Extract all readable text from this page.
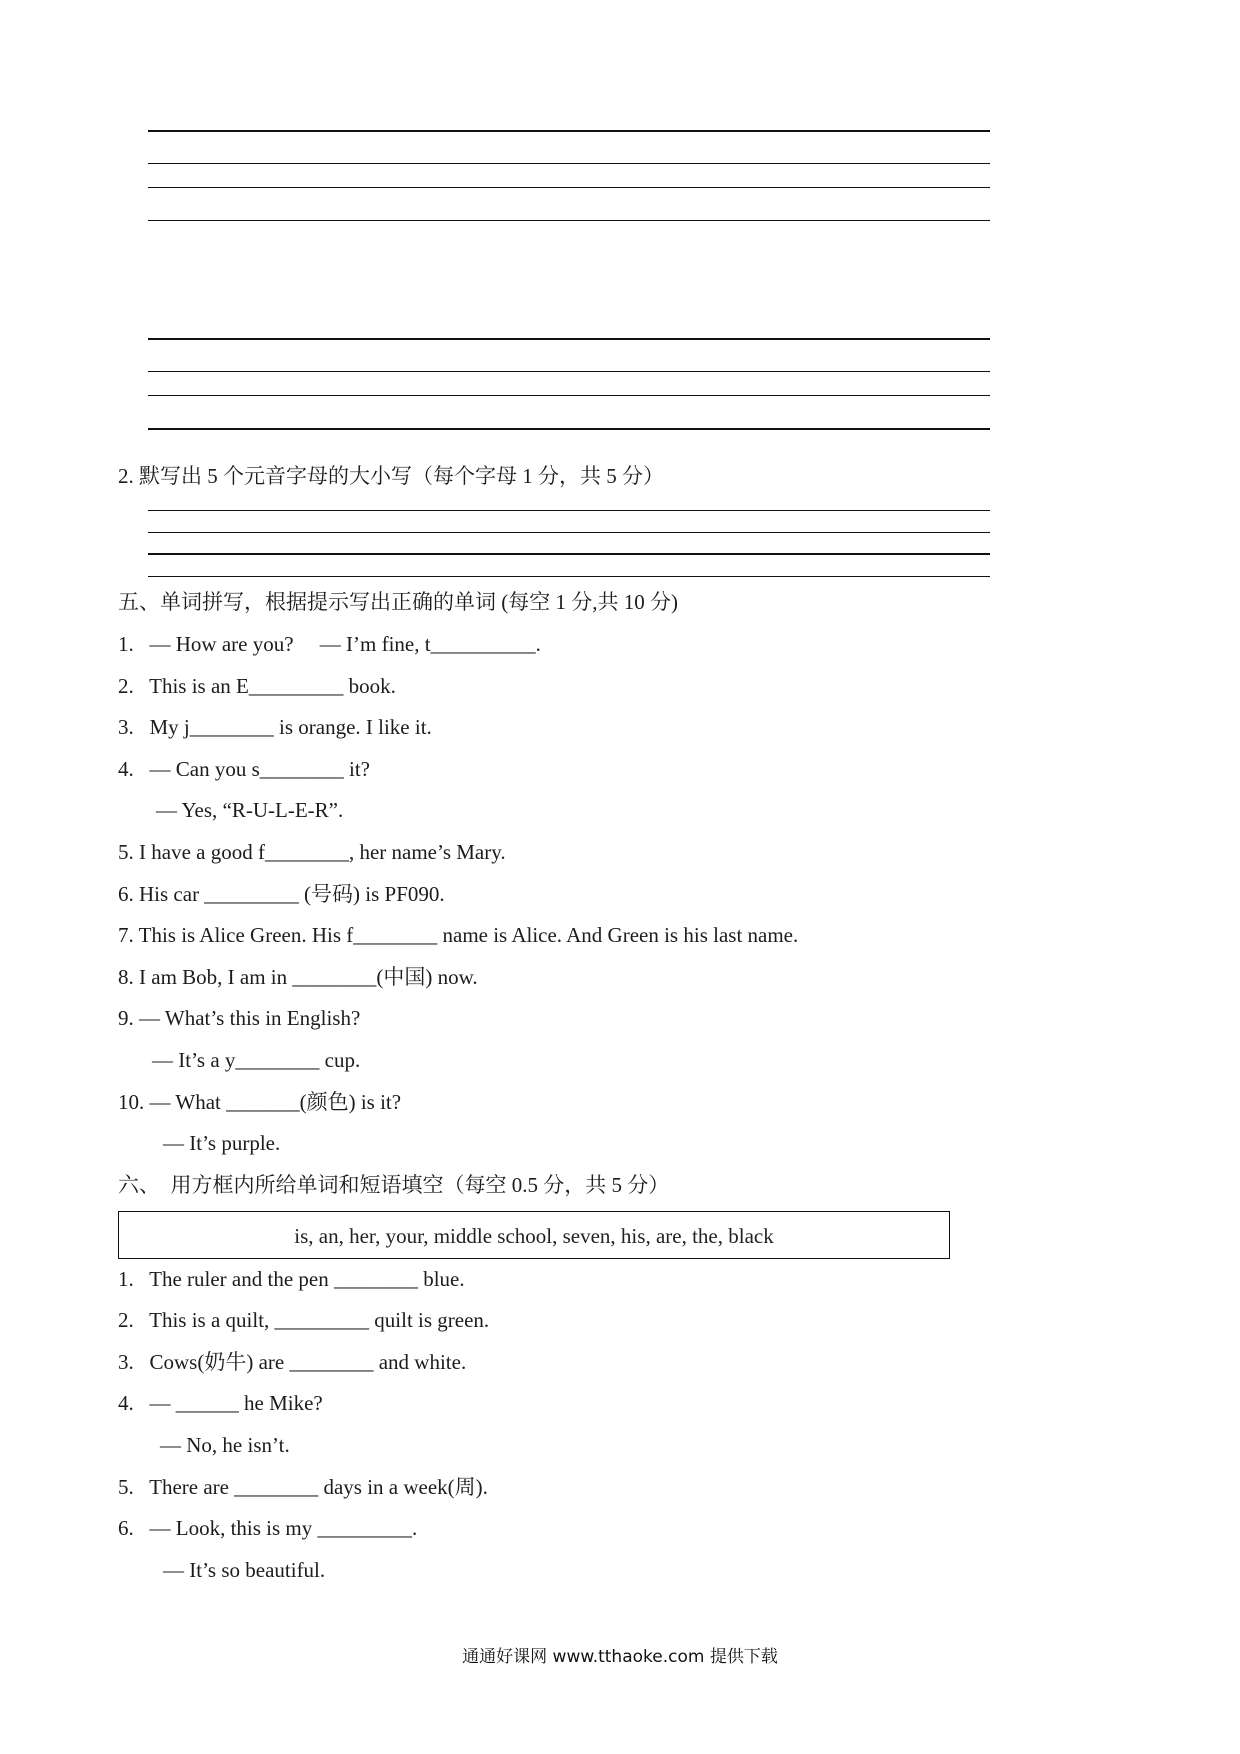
2. 默写出 5 个元音字母的大小写（每个字母 1 分，共 5 分）
五、单词拼写，根据提示写出正确的单词 (每空 1 分,共 10 分)
1.   — How are you?     — I’m fine, t__________.
2.   This is an E_________ book.
3.   My j________ is orange. I like it.
4.   — Can you s________ it?
— Yes, “R-U-L-E-R”.
5. I have a good f________, her name’s Mary.
6. His car _________ (号码) is PF090.
7. This is Alice Green. His f________ name is Alice. And Green is his last name.
8. I am Bob, I am in ________(中国) now.
9. — What’s this in English?
— It’s a y________ cup.
10. — What _______(颜色) is it?
— It’s purple.
六、  用方框内所给单词和短语填空（每空 0.5 分，共 5 分）
is, an, her, your, middle school, seven, his, are, the, black
1.   The ruler and the pen ________ blue.
2.   This is a quilt, _________ quilt is green.
3.   Cows(奶牛) are ________ and white.
4.   — ______ he Mike?
— No, he isn’t.
5.   There are ________ days in a week(周).
6.   — Look, this is my _________.
— It’s so beautiful.
通通好课网 www.tthaoke.com 提供下载
